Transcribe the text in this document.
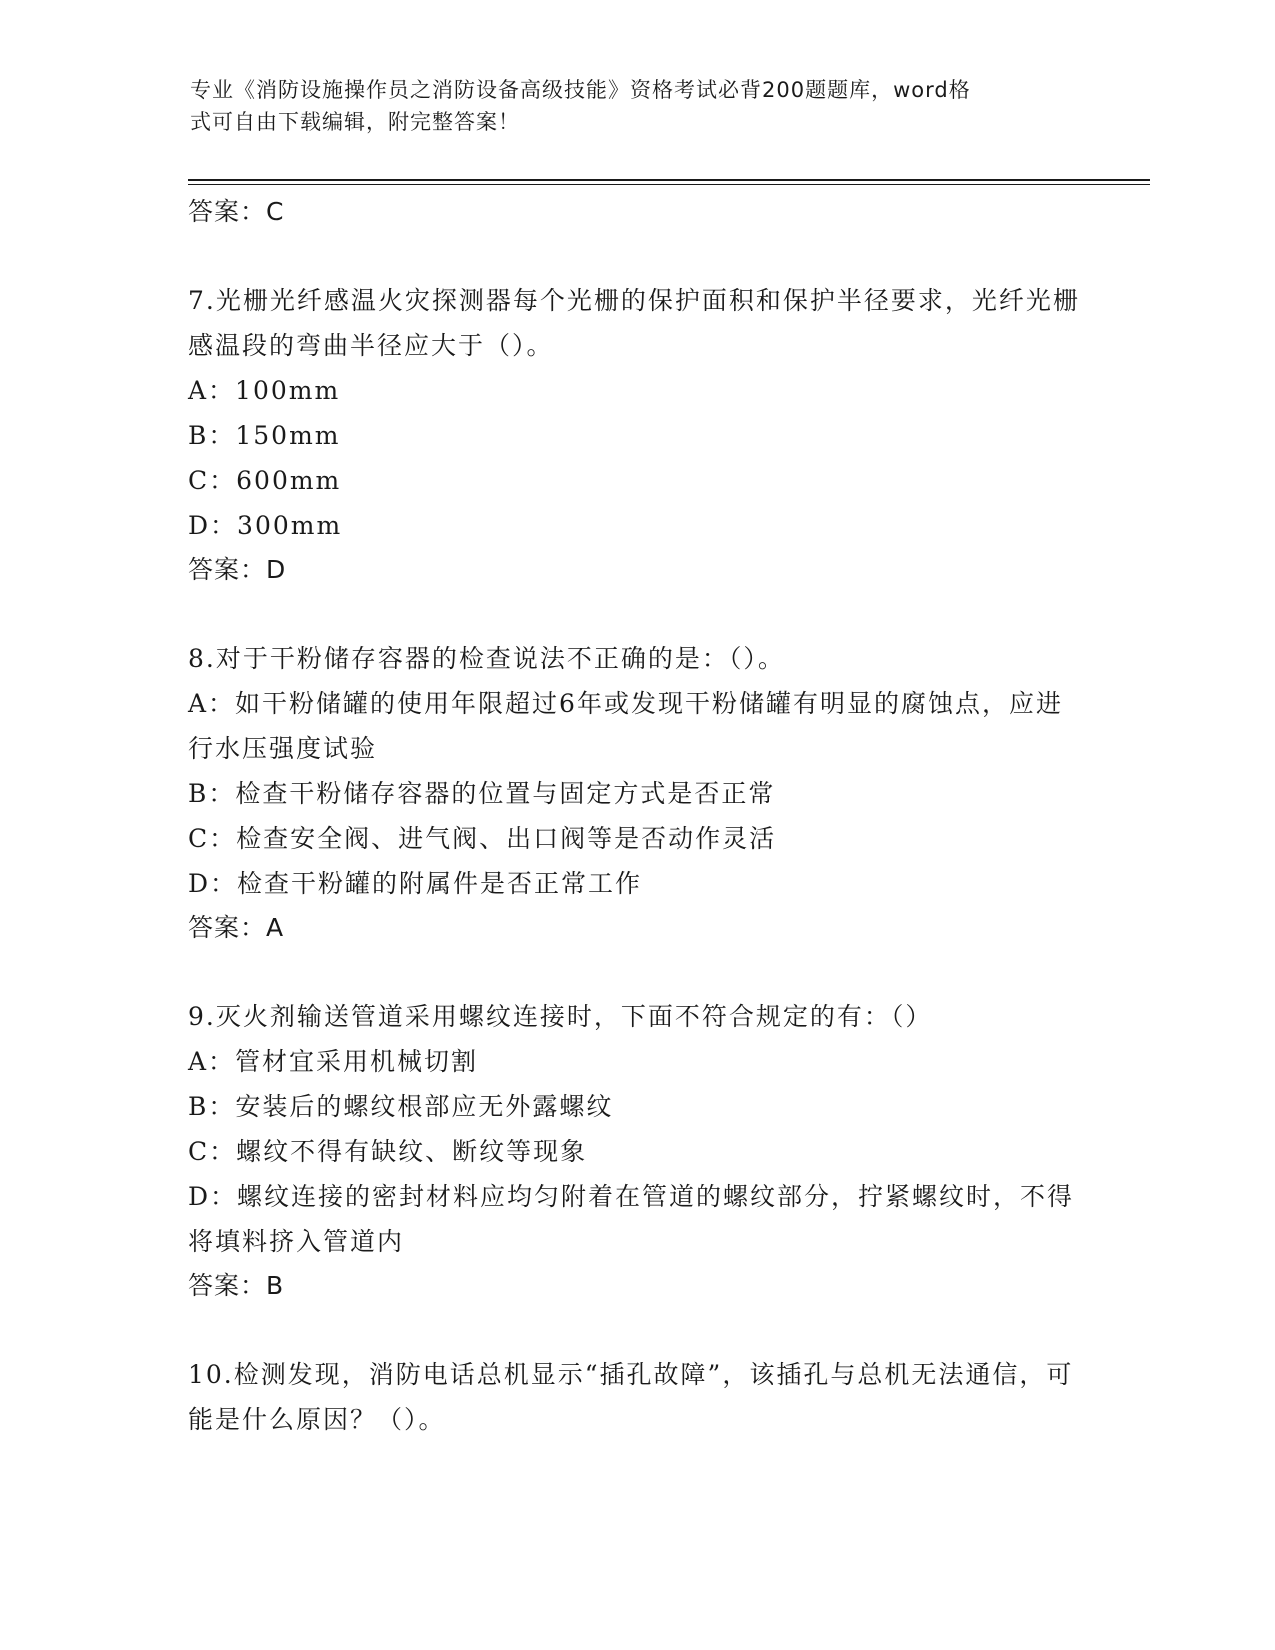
专业《消防设施操作员之消防设备高级技能》资格考试必背200题题库，word格
式可自由下载编辑，附完整答案！

答案：C

7.光栅光纤感温火灾探测器每个光栅的保护面积和保护半径要求，光纤光栅感温段的弯曲半径应大于（）。

A：100mm

B：150mm

C：600mm

D：300mm

答案：D

8.对于干粉储存容器的检查说法不正确的是：（）。

A：如干粉储罐的使用年限超过6年或发现干粉储罐有明显的腐蚀点，应进行水压强度试验

B：检查干粉储存容器的位置与固定方式是否正常

C：检查安全阀、进气阀、出口阀等是否动作灵活

D：检查干粉罐的附属件是否正常工作

答案：A

9.灭火剂输送管道采用螺纹连接时，下面不符合规定的有：（）

A：管材宜采用机械切割

B：安装后的螺纹根部应无外露螺纹

C：螺纹不得有缺纹、断纹等现象

D：螺纹连接的密封材料应均匀附着在管道的螺纹部分，拧紧螺纹时，不得将填料挤入管道内

答案：B

10.检测发现，消防电话总机显示“插孔故障”，该插孔与总机无法通信，可能是什么原因？（）。
